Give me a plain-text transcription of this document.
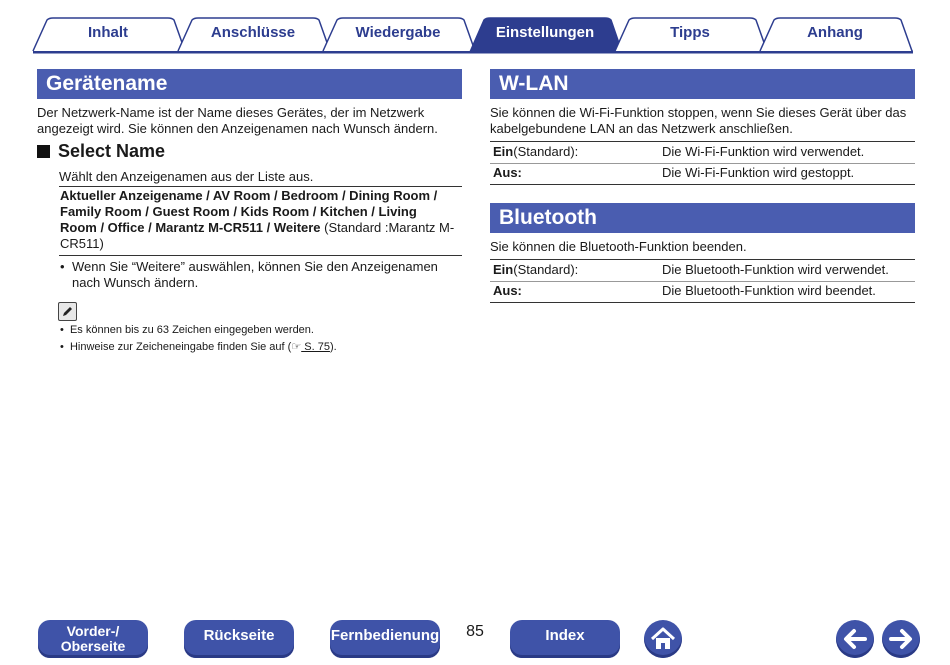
Inhalt	Anschlüsse	Wiedergabe	Einstellungen	Tipps	Anhang
Gerätename
Der Netzwerk-Name ist der Name dieses Gerätes, der im Netzwerk angezeigt wird. Sie können den Anzeigenamen nach Wunsch ändern.
Select Name
Wählt den Anzeigenamen aus der Liste aus.
Aktueller Anzeigename / AV Room / Bedroom / Dining Room /
Family Room / Guest Room / Kids Room / Kitchen / Living
Room / Office / Marantz M-CR511 / Weitere (Standard :Marantz M-
CR511)
• Wenn Sie “Weitere” auswählen, können Sie den Anzeigenamen
nach Wunsch ändern.
•  Es können bis zu 63 Zeichen eingegeben werden.
•  Hinweise zur Zeicheneingabe finden Sie auf (☞ S. 75).
W-LAN
Sie können die Wi-Fi-Funktion stoppen, wenn Sie dieses Gerät über das
kabelgebundene LAN an das Netzwerk anschließen.
Ein(Standard):	Die Wi-Fi-Funktion wird verwendet.
Aus:	Die Wi-Fi-Funktion wird gestoppt.
Bluetooth
Sie können die Bluetooth-Funktion beenden.
Ein(Standard):	Die Bluetooth-Funktion wird verwendet.
Aus:	Die Bluetooth-Funktion wird beendet.
Vorder-/
Oberseite
Rückseite	Fernbedienung	85	Index
